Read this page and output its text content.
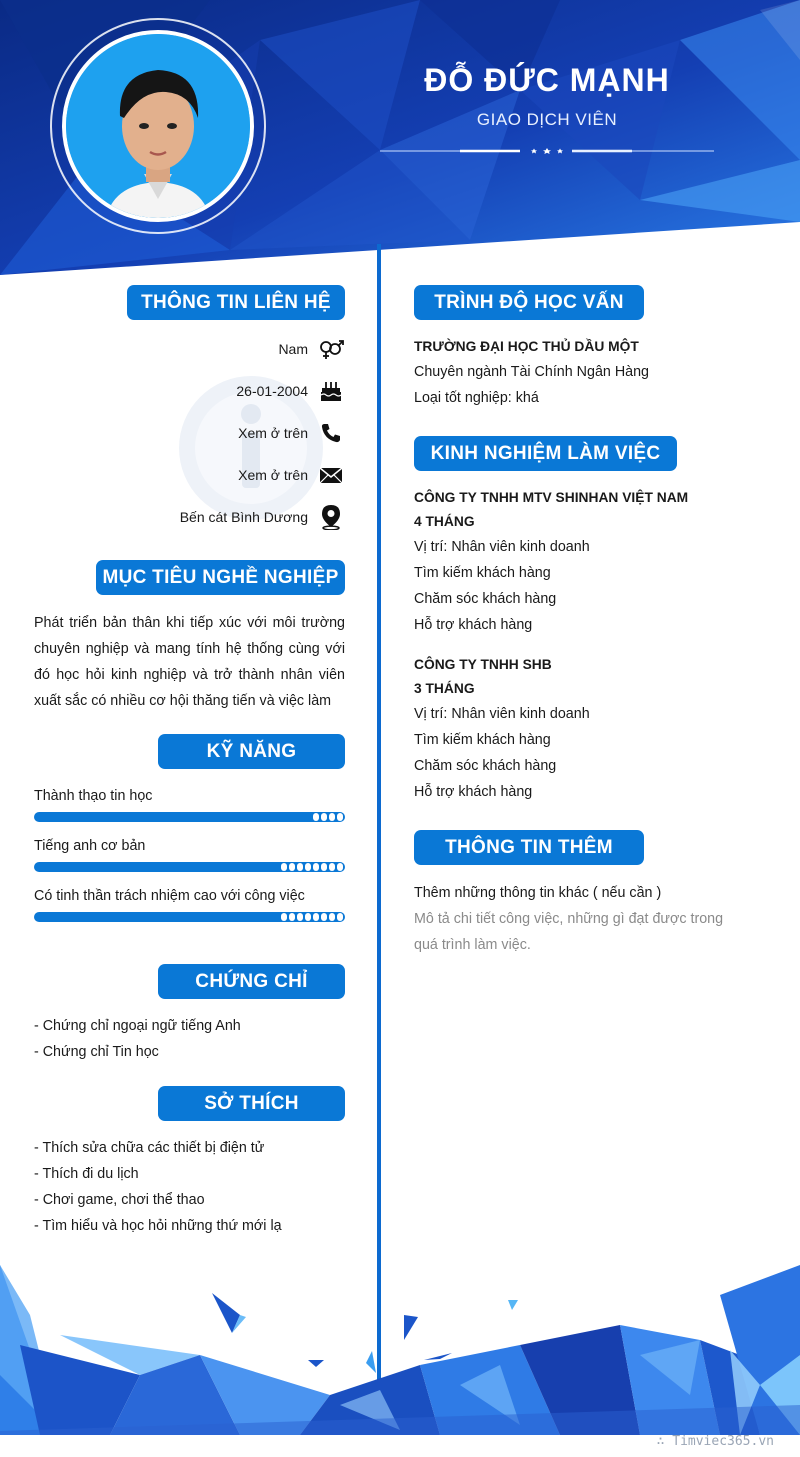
ĐỖ ĐỨC MẠNH
GIAO DỊCH VIÊN
THÔNG TIN LIÊN HỆ
Nam
26-01-2004
Xem ở trên
Xem ở trên
Bến cát Bình Dương
MỤC TIÊU NGHỀ NGHIỆP
Phát triển bản thân khi tiếp xúc với môi trường chuyên nghiệp và mang tính hệ thống cùng với đó học hỏi kinh nghiệp và trở thành nhân viên xuất sắc có nhiều cơ hội thăng tiến và việc làm
KỸ NĂNG
Thành thạo tin học
Tiếng anh cơ bản
Có tinh thần trách nhiệm cao với công việc
CHỨNG CHỈ
- Chứng chỉ ngoại ngữ tiếng Anh
- Chứng chỉ Tin học
SỞ THÍCH
- Thích sửa chữa các thiết bị điện tử
- Thích đi du lịch
- Chơi game, chơi thể thao
- Tìm hiểu và học hỏi những thứ mới lạ
TRÌNH ĐỘ HỌC VẤN
TRƯỜNG ĐẠI HỌC THỦ DẦU MỘT
Chuyên ngành Tài Chính Ngân Hàng
Loại tốt nghiệp: khá
KINH NGHIỆM LÀM VIỆC
CÔNG TY TNHH MTV SHINHAN VIỆT NAM
4 THÁNG
Vị trí: Nhân viên kinh doanh
Tìm kiếm khách hàng
Chăm sóc khách hàng
Hỗ trợ khách hàng
CÔNG TY TNHH SHB
3 THÁNG
Vị trí: Nhân viên kinh doanh
Tìm kiếm khách hàng
Chăm sóc khách hàng
Hỗ trợ khách hàng
THÔNG TIN THÊM
Thêm những thông tin khác ( nếu cần )
Mô tả chi tiết công việc, những gì đạt được trong
quá trình làm việc.
∴ Timviec365.vn
